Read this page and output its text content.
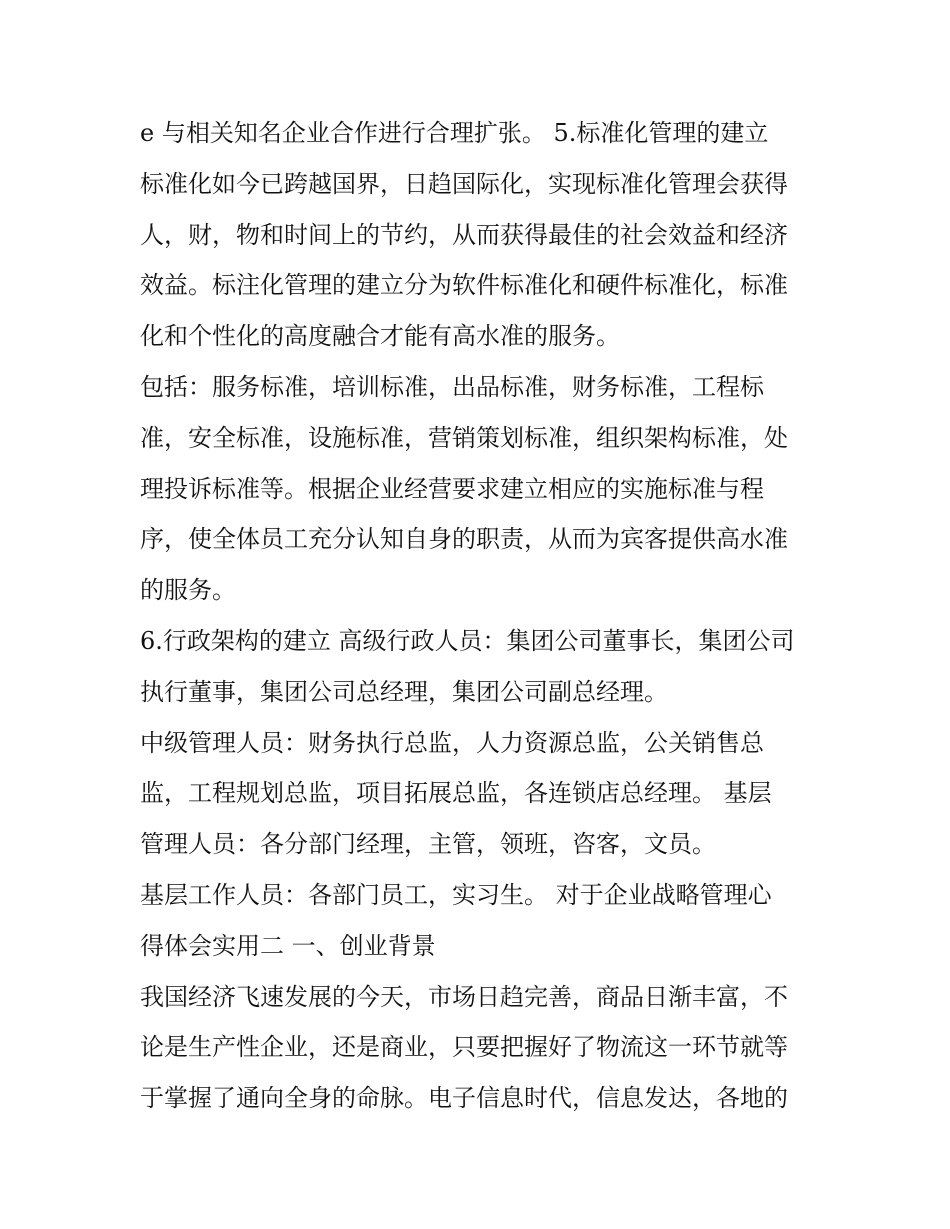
e 与相关知名企业合作进行合理扩张。 5.标准化管理的建立

标准化如今已跨越国界，日趋国际化，实现标准化管理会获得

人，财，物和时间上的节约，从而获得最佳的社会效益和经济

效益。标注化管理的建立分为软件标准化和硬件标准化，标准

化和个性化的高度融合才能有高水准的服务。

包括：服务标准，培训标准，出品标准，财务标准，工程标

准，安全标准，设施标准，营销策划标准，组织架构标准，处

理投诉标准等。根据企业经营要求建立相应的实施标准与程

序，使全体员工充分认知自身的职责，从而为宾客提供高水准

的服务。

6.行政架构的建立 高级行政人员：集团公司董事长，集团公司

执行董事，集团公司总经理，集团公司副总经理。

中级管理人员：财务执行总监，人力资源总监，公关销售总

监，工程规划总监，项目拓展总监，各连锁店总经理。 基层

管理人员：各分部门经理，主管，领班，咨客，文员。

基层工作人员：各部门员工，实习生。 对于企业战略管理心

得体会实用二 一、创业背景

我国经济飞速发展的今天，市场日趋完善，商品日渐丰富，不

论是生产性企业，还是商业，只要把握好了物流这一环节就等

于掌握了通向全身的命脉。电子信息时代，信息发达，各地的
